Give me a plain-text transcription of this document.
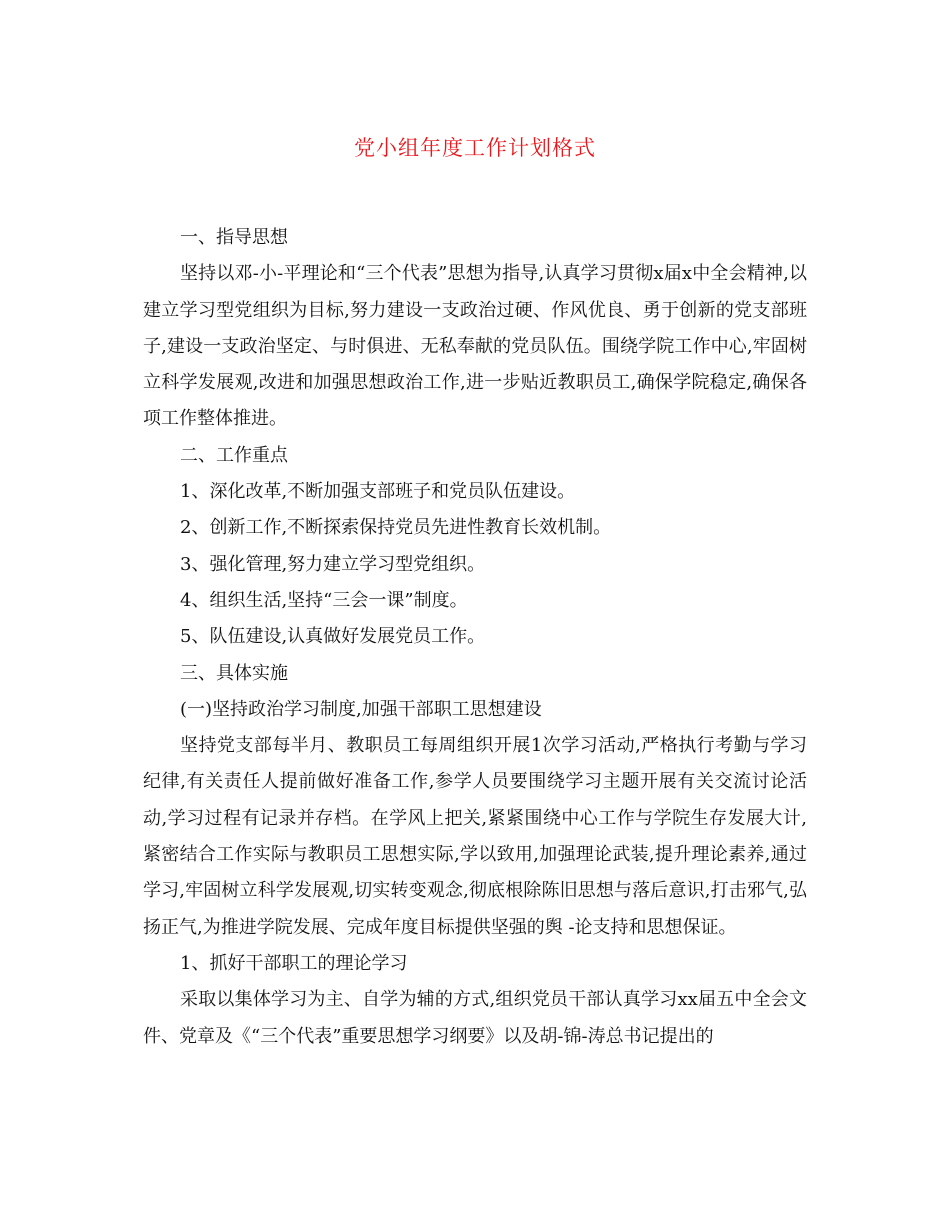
党小组年度工作计划格式

一、指导思想

坚持以邓-小-平理论和“三个代表”思想为指导,认真学习贯彻x届x中全会精神,以建立学习型党组织为目标,努力建设一支政治过硬、作风优良、勇于创新的党支部班子,建设一支政治坚定、与时俱进、无私奉献的党员队伍。围绕学院工作中心,牢固树立科学发展观,改进和加强思想政治工作,进一步贴近教职员工,确保学院稳定,确保各项工作整体推进。

二、工作重点

1、深化改革,不断加强支部班子和党员队伍建设。

2、创新工作,不断探索保持党员先进性教育长效机制。

3、强化管理,努力建立学习型党组织。

4、组织生活,坚持“三会一课”制度。

5、队伍建设,认真做好发展党员工作。

三、具体实施

(一)坚持政治学习制度,加强干部职工思想建设

坚持党支部每半月、教职员工每周组织开展1次学习活动,严格执行考勤与学习纪律,有关责任人提前做好准备工作,参学人员要围绕学习主题开展有关交流讨论活动,学习过程有记录并存档。在学风上把关,紧紧围绕中心工作与学院生存发展大计,紧密结合工作实际与教职员工思想实际,学以致用,加强理论武装,提升理论素养,通过学习,牢固树立科学发展观,切实转变观念,彻底根除陈旧思想与落后意识,打击邪气,弘扬正气,为推进学院发展、完成年度目标提供坚强的舆 -论支持和思想保证。

1、抓好干部职工的理论学习

采取以集体学习为主、自学为辅的方式,组织党员干部认真学习xx届五中全会文件、党章及《“三个代表”重要思想学习纲要》以及胡-锦-涛总书记提出的
